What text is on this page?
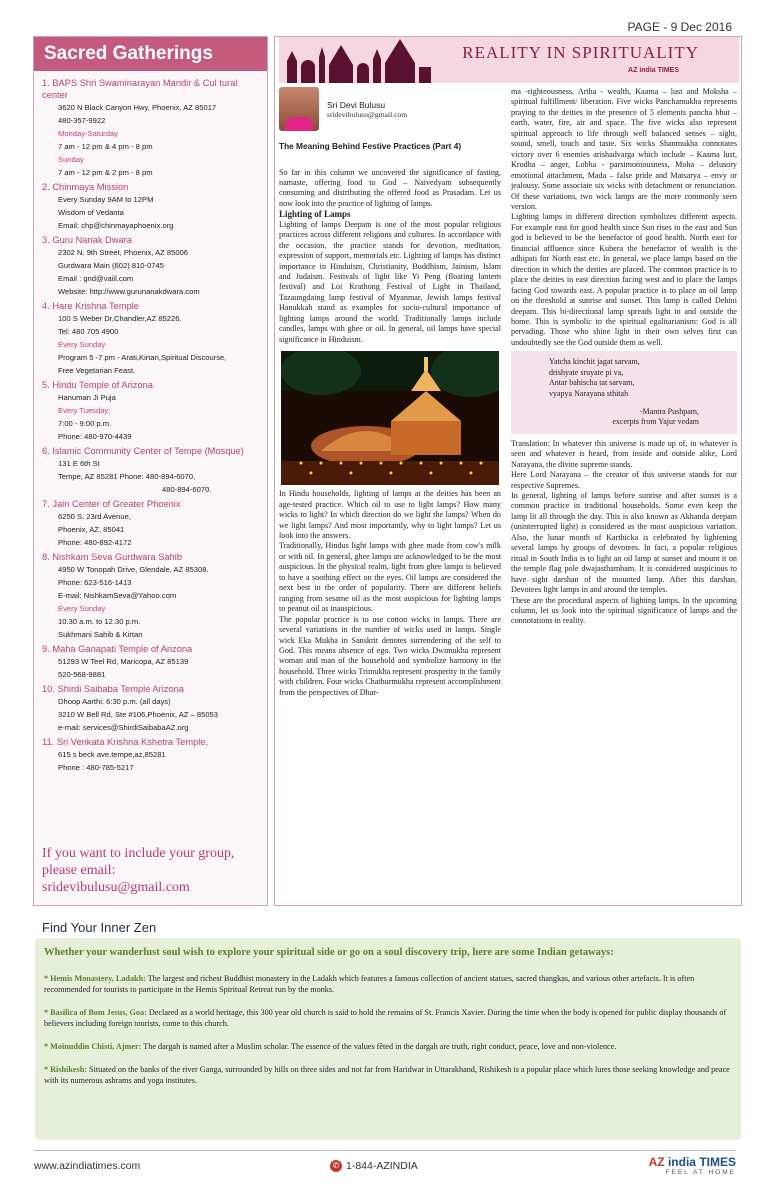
PAGE - 9 Dec 2016
Sacred Gatherings
1. BAPS Shri Swaminarayan Mandir & Cul tural center
3620 N Black Canyon Hwy, Phoenix, AZ 85017
480-357-9922
Monday-Saturday
7 am - 12 pm & 4 pm - 8 pm
Sunday
7 am - 12 pm & 2 pm - 8 pm
2. Chinmaya Mission
Every Sunday 9AM to 12PM
Wisdom of Vedanta
Email: chp@chinmayaphoenix.org
3. Guru Nanak Dwara
2302 N. 9th Street, Phoenix, AZ 85006
Gurdwara Main (602) 810-0745
Email : gnd@vaiil.com
Website: http://www.gurunanakdwara.com
4. Hare Krishna Temple
100 S Weber Dr,Chandler,AZ 85226.
Tel: 480 705 4900
Every Sunday
Program 5 -7 pm - Arati,Kirtan,Spiritual Discourse,
Free Vegetarian Feast.
5. Hindu Temple of Arizona
Hanuman Ji Puja
Every Tuesday:
7:00 - 9:00 p.m.
Phone: 480-970-4439
6. Islamic Community Center of Tempe (Mosque)
131 E 6th St
Tempe, AZ 85281 Phone: 480-894-6070,
480-894-6070.
7. Jain Center of Greater Phoenix
6250 S. 23rd Avenue,
Phoenix, AZ, 85041
Phone: 480-892-4172
8. Nishkam Seva Gurdwara Sahib
4950 W Tonopah Drive, Glendale, AZ 85308.
Phone: 623-516-1413
E-mail: NishkamSeva@Yahoo.com
Every Sunday
10.30 a.m. to 12.30 p.m.
Sukhmani Sahib & Kirtan
9. Maha Ganapati Temple of Arizona
51293 W Teel Rd, Maricopa, AZ 85139
520-568-9881
10. Shirdi Saibaba Temple Arizona
Dhoop Aarthi: 6:30 p.m. (all days)
3210 W Bell Rd, Ste #106,Phoenix, AZ – 85053
e-mail: services@ShirdiSaibabaAZ.org
11. Sri Venkata Krishna Kshetra Temple,
615 s beck ave,tempe,az,85281
Phone : 480-785-5217
If you want to include your group,
please email:
sridevibulusu@gmail.com
REALITY IN SPIRITUALITY
AZ india TIMES
Sri Devi Bulusu
sridevibulusu@gmail.com
The Meaning Behind Festive Practices (Part 4)

So far in this column we uncovered the significance of fasting, namaste, offering food to God – Naivedyam subsequently consuming and distributing the offered food as Prasadam. Let us now look into the practice of lighting of lamps.

Lighting of Lamps

Lighting of lamps Deepam is one of the most popular religious practices across different religions and cultures. In accordance with the occasion, the practice stands for devotion, meditation, expression of support, memorials etc. Lighting of lamps has distinct importance in Hinduism, Christianity, Buddhism, Jainism, Islam and Judaism. Festivals of light like Yi Peng (floating lantern festival) and Loi Krathong Festival of Light in Thailand, Tazaungdaing lamp festival of Myanmar, Jewish lamps festival Hanukkah stand as examples for socio-cultural importance of lighting lamps around the world. Traditionally lamps include candles, lamps with ghee or oil. In general, oil lamps have special significance in Hinduism.

In Hindu households, lighting of lamps at the deities has been an age-tested practice. Which oil to use to light lamps? How many wicks to light? In which direction do we light the lamps? When do we light lamps? And most importantly, why to light lamps? Let us look into the answers.

Traditionally, Hindus light lamps with ghee made from cow's milk or with oil. In general, ghee lamps are acknowledged to be the most auspicious. In the physical realm, light from ghee lamps is believed to have a soothing effect on the eyes. Oil lamps are considered the next best in the order of popularity. There are different beliefs ranging from sesame oil as the most auspicious for lighting lamps to peanut oil as inauspicious.

The popular practice is to use cotton wicks in lamps. There are several variations in the number of wicks used in lamps. Single wick Eka Mukha in Sanskrit denotes surrendering of the self to God. This means absence of ego. Two wicks Dwimukha represent woman and man of the household and symbolize harmony in the household. Three wicks Trimukha represent prosperity in the family with children. Four wicks Chathurmukha represent accomplishment from the perspectives of Dhar-

ma -righteousness, Artha - wealth, Kaama – lust and Moksha – spiritual fulfillment/ liberation. Five wicks Panchamukha represents praying to the deities in the presence of 5 elements pancha bhut – earth, water, fire, air and space. The five wicks also represent spiritual approach to life through well balanced senses – sight, sound, smell, touch and taste. Six wicks Shanmukha connotates victory over 6 enemies arishadvarga which include – Kaama lust, Krodha – anger, Lobha - parsimoniousness, Moha – delusory emotional attachment, Mada – false pride and Matsarya – envy or jealousy. Some associate six wicks with detachment or renunciation. Of these variations, two wick lamps are the more commonly seen version.

Lighting lamps in different direction symbolizes different aspects. For example east for good health since Sun rises in the east and Sun god is believed to be the benefactor of good health. North east for financial affluence since Kubera the benefactor of wealth is the adhipati for North east etc. In general, we place lamps based on the direction in which the deities are placed. The common practice is to place the deities in east direction facing west and to place the lamps facing God towards east. A popular practice is to place an oil lamp on the threshold at sunrise and sunset. This lamp is called Dehini deepam. This bi-directional lamp spreads light in and outside the home. This is symbolic to the spiritual egalitarianism: God is all pervading. Those who shine light in their own selves first can undoubtedly see the God outside them as well.

Yatcha kinchit jagat sarvam,
drishyate sruyate pi va,
Antar bahischa tat sarvam,
vyapya Narayana sthitah
-Mantra Pushpam,
excerpts from Yajur vedam

Translation: In whatever this universe is made up of, in whatever is seen and whatever is heard, from inside and outside alike, Lord Narayana, the divine supreme stands.

Here Lord Narayana – the creator of this universe stands for our respective Supremes.

In general, lighting of lamps before sunrise and after sunset is a common practice in traditional households. Some even keep the lamp lit all through the day. This is also known as Akhanda deepam (uninterrupted light) is considered as the most auspicious variation. Also, the lunar month of Karthicka is celebrated by lightening several lamps by groups of devotees. In fact, a popular religious ritual in South India is to light an oil lamp at sunset and mount it on the temple flag pole dwajasthambam. It is considered auspicious to have sight darshan of the mounted lamp. After this darshan, Devotees light lamps in and around the temples.

These are the procedural aspects of lighting lamps. In the upcoming column, let us look into the spiritual significance of lamps and the connotations in reality.

Find Your Inner Zen
Whether your wanderlust soul wish to explore your spiritual side or go on a soul discovery trip, here are some Indian getaways:
* Hemis Monastery, Ladakh: The largest and richest Buddhist monastery in the Ladakh which features a famous collection of ancient statues, sacred thangkas, and various other artefacts. It is often recommended for tourists to participate in the Hemis Spiritual Retreat run by the monks.
* Basilica of Bom Jesus, Goa: Declared as a world heritage, this 300 year old church is said to hold the remains of St. Francis Xavier. During the time when the body is opened for public display thousands of believers including foreign tourists, come to this church.
* Moinuddin Chisti, Ajmer: The dargah is named after a Muslim scholar. The essence of the values fêted in the dargah are truth, right conduct, peace, love and non-violence.
* Rishikesh: Situated on the banks of the river Ganga, surrounded by hills on three sides and not far from Haridwar in Uttarakhand, Rishikesh is a popular place which lures those seeking knowledge and peace with its numerous ashrams and yoga institutes.
www.azindiatimes.com	✆ 1-844-AZINDIA	AZ india TIMES
FEEL AT HOME
